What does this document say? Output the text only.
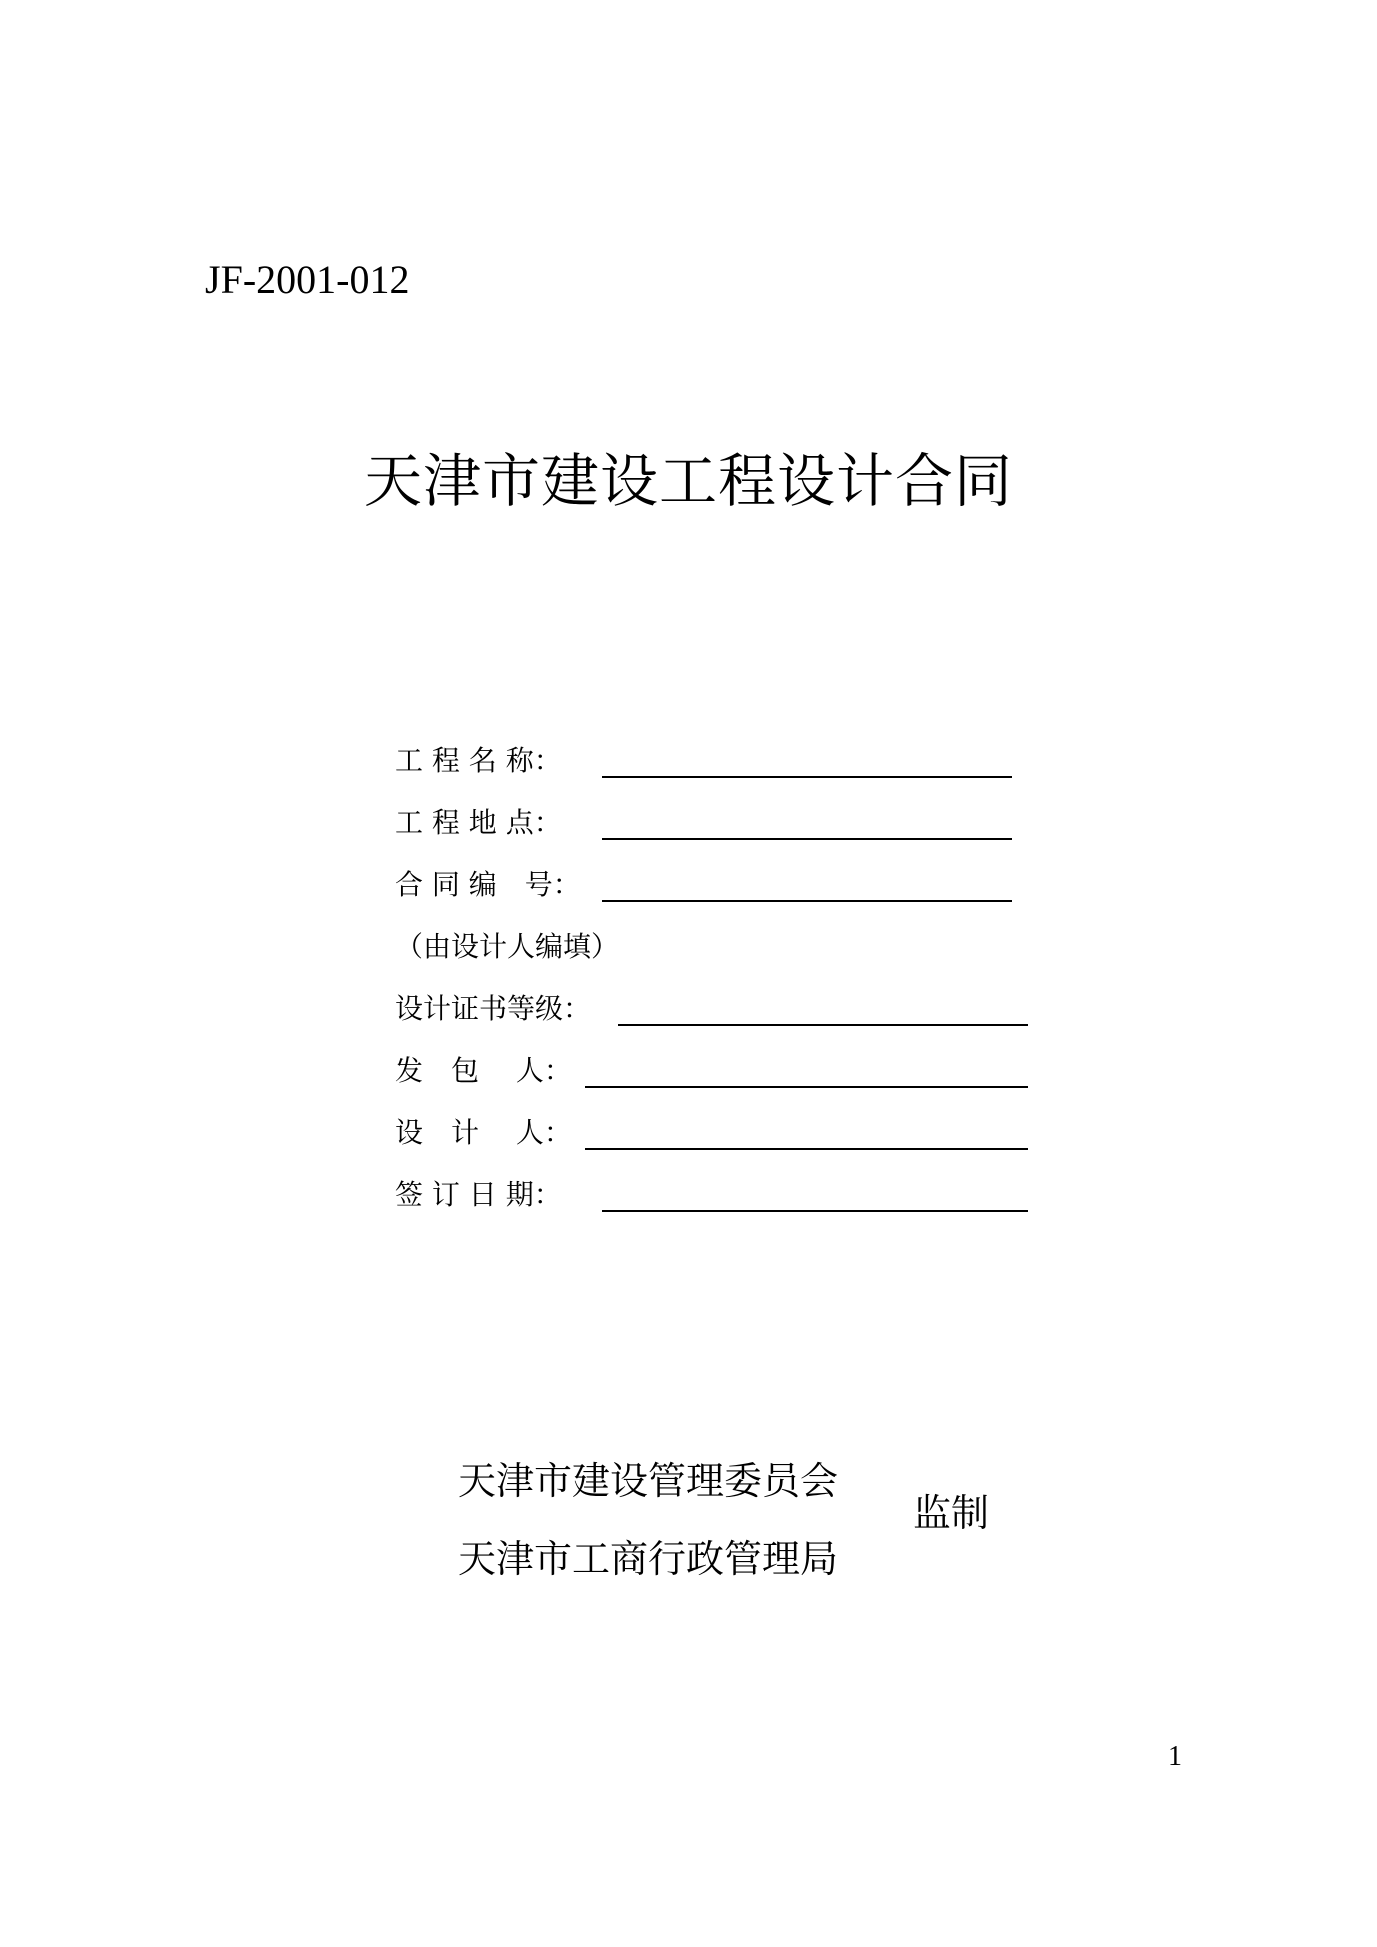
JF-2001-012
天津市建设工程设计合同
工 程 名 称：
工 程 地 点：
合 同 编　号：
（由设计人编填）
设计证书等级：
发　包　 人：
设　计　 人：
签 订 日 期：
天津市建设管理委员会
天津市工商行政管理局
监制
1
